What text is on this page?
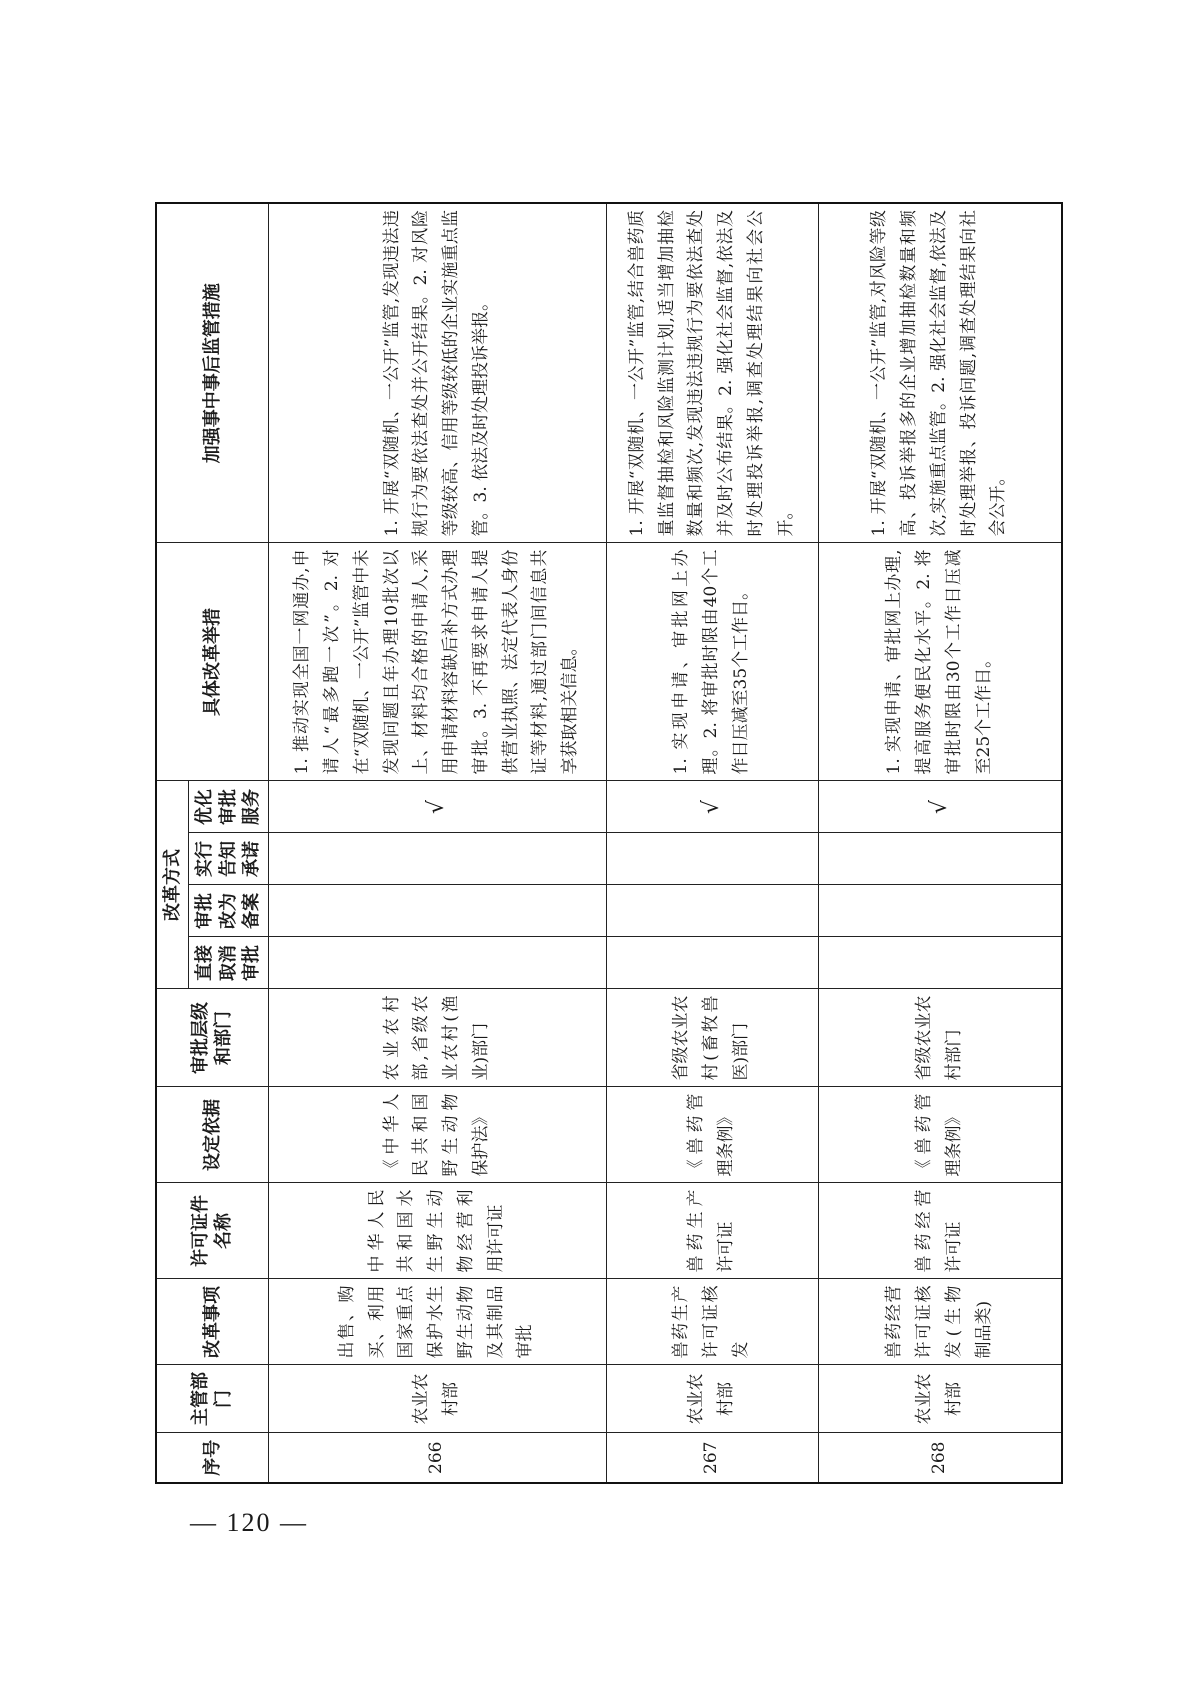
序号	主管部门	改革事项	许可证件名称	设定依据	审批层级和部门	改革方式				具体改革举措	加强事中事后监管措施
						直接取消审批	审批改为备案	实行告知承诺	优化审批服务		
266	农业农村部	出售、购买、利用国家重点保护水生野生动物及其制品审批	中华人民共和国水生野生动物经营利用许可证	《中华人民共和国野生动物保护法》	农业农村部,省级农业农村(渔业)部门				√	1. 推动实现全国一网通办,申请人“最多跑一次”。2. 对在“双随机、一公开”监管中未发现问题且年办理10批次以上、材料均合格的申请人,采用申请材料容缺后补方式办理审批。3. 不再要求申请人提供营业执照、法定代表人身份证等材料,通过部门间信息共享获取相关信息。	1. 开展“双随机、一公开”监管,发现违法违规行为要依法查处并公开结果。2. 对风险等级较高、信用等级较低的企业实施重点监管。3. 依法及时处理投诉举报。
267	农业农村部	兽药生产许可证核发	兽药生产许可证	《兽药管理条例》	省级农业农村(畜牧兽医)部门				√	1. 实现申请、审批网上办理。2. 将审批时限由40个工作日压减至35个工作日。	1. 开展“双随机、一公开”监管,结合兽药质量监督抽检和风险监测计划,适当增加抽检数量和频次,发现违法违规行为要依法查处并及时公布结果。2. 强化社会监督,依法及时处理投诉举报,调查处理结果向社会公开。
268	农业农村部	兽药经营许可证核发(生物制品类)	兽药经营许可证	《兽药管理条例》	省级农业农村部门				√	1. 实现申请、审批网上办理,提高服务便民化水平。2. 将审批时限由30个工作日压减至25个工作日。	1. 开展“双随机、一公开”监管,对风险等级高、投诉举报多的企业增加抽检数量和频次,实施重点监管。2. 强化社会监督,依法及时处理举报、投诉问题,调查处理结果向社会公开。
— 120 —
